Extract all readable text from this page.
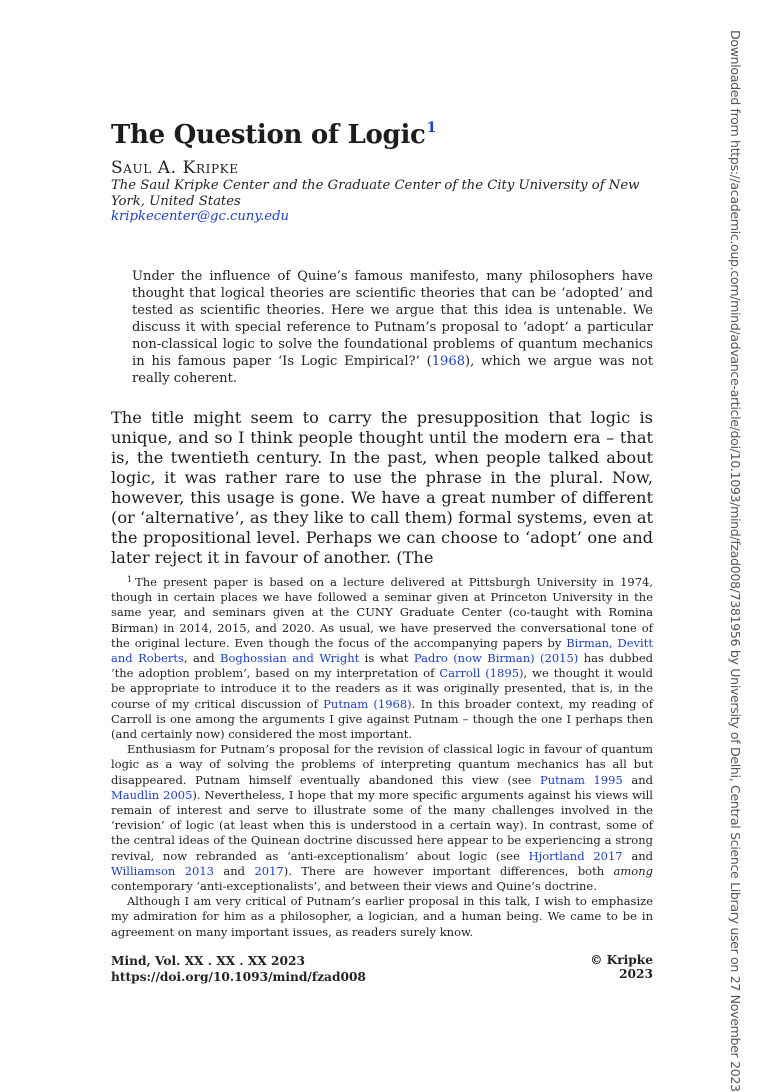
The Question of Logic$^1$
Saul A. Kripke
The Saul Kripke Center and the Graduate Center of the City University of New York, United States
kripkecenter@gc.cuny.edu
Under the influence of Quine’s famous manifesto, many philosophers have thought that logical theories are scientific theories that can be ‘adopted’ and tested as scientific theories. Here we argue that this idea is untenable. We discuss it with special reference to Putnam’s proposal to ‘adopt’ a particular non-classical logic to solve the foundational problems of quantum mechanics in his famous paper ‘Is Logic Empirical?’ (1968), which we argue was not really coherent.
The title might seem to carry the presupposition that logic is unique, and so I think people thought until the modern era – that is, the twentieth century. In the past, when people talked about logic, it was rather rare to use the phrase in the plural. Now, however, this usage is gone. We have a great number of different (or ‘alternative’, as they like to call them) formal systems, even at the propositional level. Perhaps we can choose to ‘adopt’ one and later reject it in favour of another. (The

$^1$ The present paper is based on a lecture delivered at Pittsburgh University in 1974, though in certain places we have followed a seminar given at Princeton University in the same year, and seminars given at the CUNY Graduate Center (co-taught with Romina Birman) in 2014, 2015, and 2020. As usual, we have preserved the conversational tone of the original lecture. Even though the focus of the accompanying papers by Birman, Devitt and Roberts, and Boghossian and Wright is what Padro (now Birman) (2015) has dubbed ‘the adoption problem’, based on my interpretation of Carroll (1895), we thought it would be appropriate to introduce it to the readers as it was originally presented, that is, in the course of my critical discussion of Putnam (1968). In this broader context, my reading of Carroll is one among the arguments I give against Putnam – though the one I perhaps then (and certainly now) considered the most important.

Enthusiasm for Putnam’s proposal for the revision of classical logic in favour of quantum logic as a way of solving the problems of interpreting quantum mechanics has all but disappeared. Putnam himself eventually abandoned this view (see Putnam 1995 and Maudlin 2005). Nevertheless, I hope that my more specific arguments against his views will remain of interest and serve to illustrate some of the many challenges involved in the ‘revision’ of logic (at least when this is understood in a certain way). In contrast, some of the central ideas of the Quinean doctrine discussed here appear to be experiencing a strong revival, now rebranded as ‘anti-exceptionalism’ about logic (see Hjortland 2017 and Williamson 2013 and 2017). There are however important differences, both among contemporary ‘anti-exceptionalists’, and between their views and Quine’s doctrine.

Although I am very critical of Putnam’s earlier proposal in this talk, I wish to emphasize my admiration for him as a philosopher, a logician, and a human being. We came to be in agreement on many important issues, as readers surely know.

Mind, Vol. XX . XX . XX 2023
https://doi.org/10.1093/mind/fzad008
© Kripke 2023	Downloaded from https://academic.oup.com/mind/advance-article/doi/10.1093/mind/fzad008/7381956 by University of Delhi, Central Science Library user on 27 November 2023
